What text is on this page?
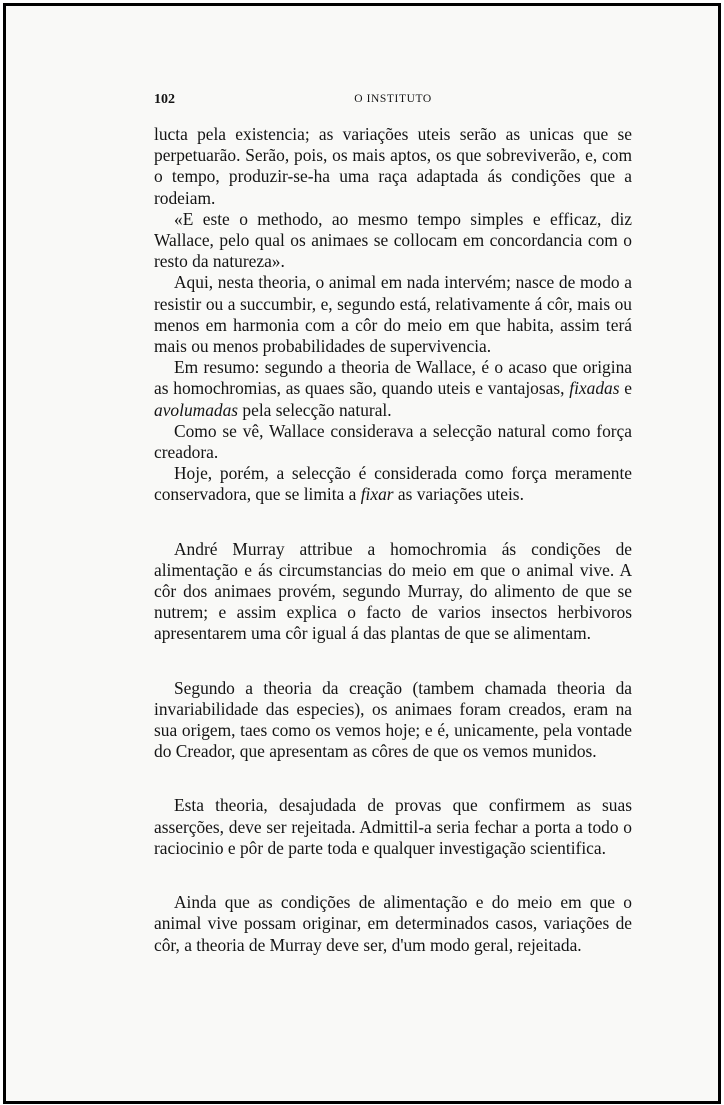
102	O INSTITUTO

lucta pela existencia; as variações uteis serão as unicas que se perpetuarão. Serão, pois, os mais aptos, os que sobreviverão, e, com o tempo, produzir-se-ha uma raça adaptada ás condições que a rodeiam.

«E este o methodo, ao mesmo tempo simples e efficaz, diz Wallace, pelo qual os animaes se collocam em concordancia com o resto da natureza».

Aqui, nesta theoria, o animal em nada intervém; nasce de modo a resistir ou a succumbir, e, segundo está, relativamente á côr, mais ou menos em harmonia com a côr do meio em que habita, assim terá mais ou menos probabilidades de supervivencia.

Em resumo: segundo a theoria de Wallace, é o acaso que origina as homochromias, as quaes são, quando uteis e vantajosas, fixadas e avolumadas pela selecção natural.

Como se vê, Wallace considerava a selecção natural como força creadora.

Hoje, porém, a selecção é considerada como força meramente conservadora, que se limita a fixar as variações uteis.

André Murray attribue a homochromia ás condições de alimentação e ás circumstancias do meio em que o animal vive. A côr dos animaes provém, segundo Murray, do alimento de que se nutrem; e assim explica o facto de varios insectos herbivoros apresentarem uma côr igual á das plantas de que se alimentam.

Segundo a theoria da creação (tambem chamada theoria da invariabilidade das especies), os animaes foram creados, eram na sua origem, taes como os vemos hoje; e é, unicamente, pela vontade do Creador, que apresentam as côres de que os vemos munidos.

Esta theoria, desajudada de provas que confirmem as suas asserções, deve ser rejeitada. Admittil-a seria fechar a porta a todo o raciocinio e pôr de parte toda e qualquer investigação scientifica.

Ainda que as condições de alimentação e do meio em que o animal vive possam originar, em determinados casos, variações de côr, a theoria de Murray deve ser, d'um modo geral, rejeitada.
